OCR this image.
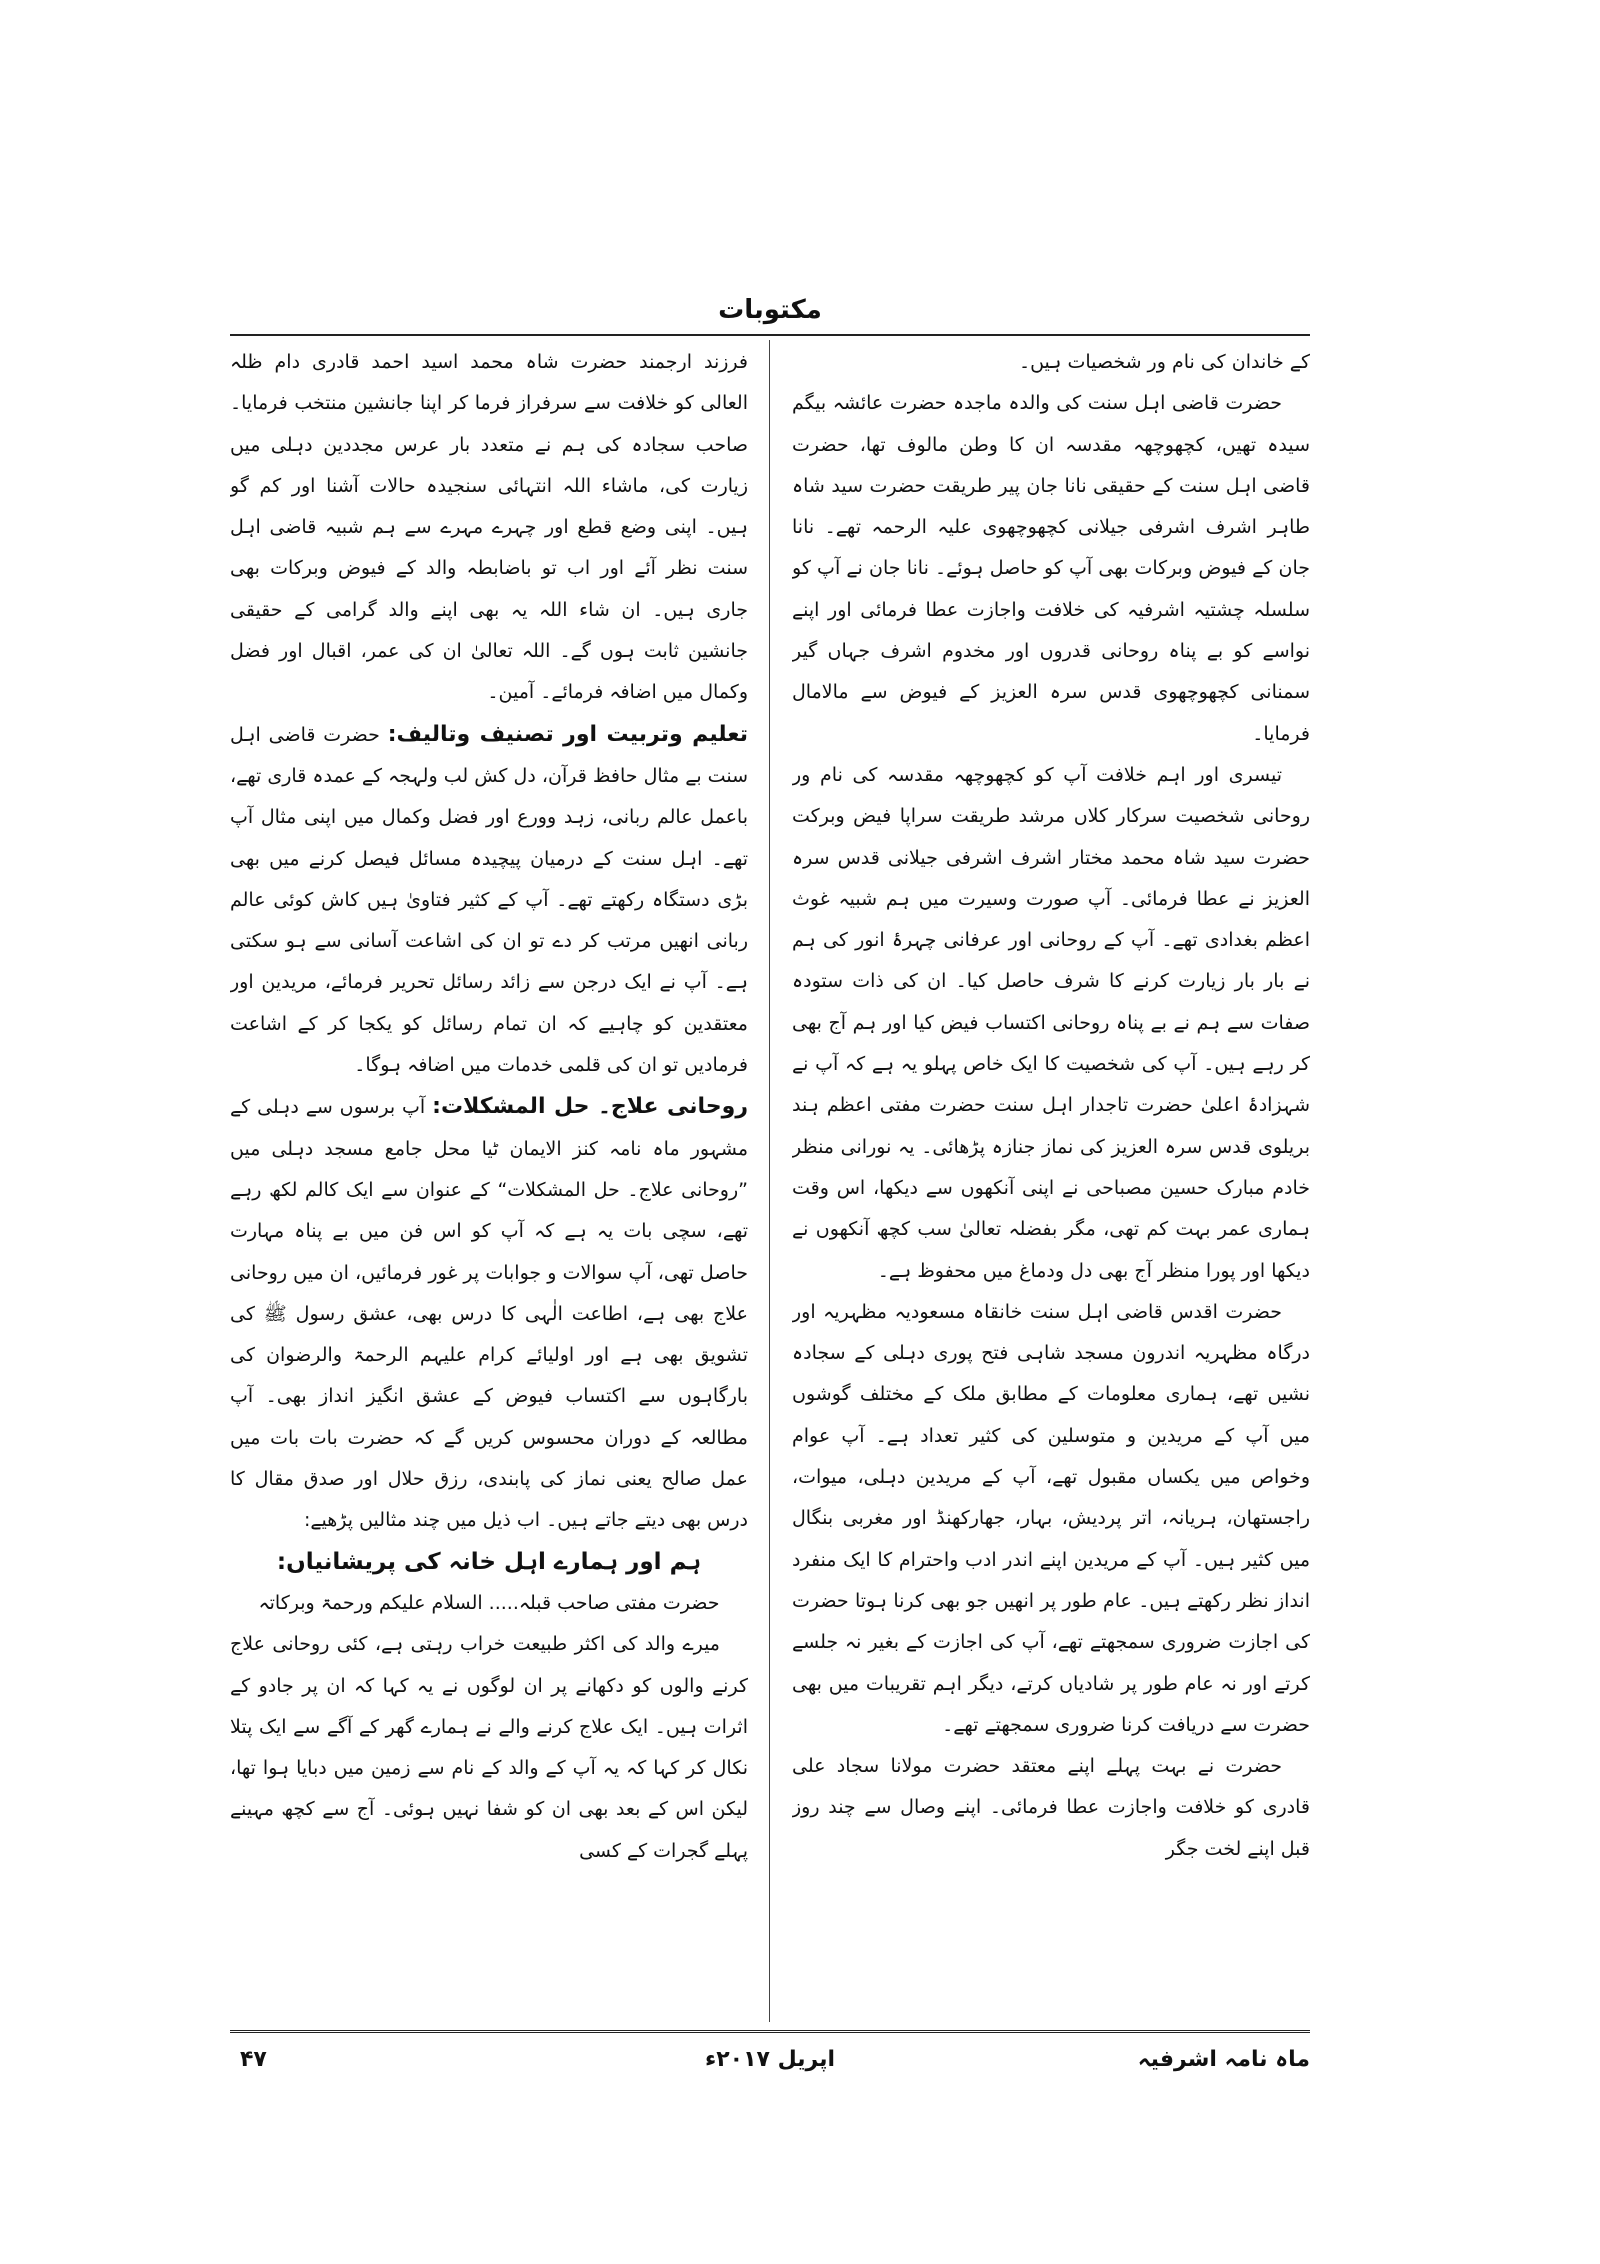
مکتوبات

کے خاندان کی نام ور شخصیات ہیں۔

حضرت قاضی اہل سنت کی والدہ ماجدہ حضرت عائشہ بیگم سیدہ تھیں، کچھوچھہ مقدسہ ان کا وطن مالوف تھا، حضرت قاضی اہل سنت کے حقیقی نانا جان پیر طریقت حضرت سید شاہ طاہر اشرف اشرفی جیلانی کچھوچھوی علیہ الرحمہ تھے۔ نانا جان کے فیوض وبرکات بھی آپ کو حاصل ہوئے۔ نانا جان نے آپ کو سلسلہ چشتیہ اشرفیہ کی خلافت واجازت عطا فرمائی اور اپنے نواسے کو بے پناہ روحانی قدروں اور مخدوم اشرف جہاں گیر سمنانی کچھوچھوی قدس سرہ العزیز کے فیوض سے مالامال فرمایا۔

تیسری اور اہم خلافت آپ کو کچھوچھہ مقدسہ کی نام ور روحانی شخصیت سرکار کلاں مرشد طریقت سراپا فیض وبرکت حضرت سید شاہ محمد مختار اشرف اشرفی جیلانی قدس سرہ العزیز نے عطا فرمائی۔ آپ صورت وسیرت میں ہم شبیہ غوث اعظم بغدادی تھے۔ آپ کے روحانی اور عرفانی چہرۂ انور کی ہم نے بار بار زیارت کرنے کا شرف حاصل کیا۔ ان کی ذات ستودہ صفات سے ہم نے بے پناہ روحانی اکتساب فیض کیا اور ہم آج بھی کر رہے ہیں۔ آپ کی شخصیت کا ایک خاص پہلو یہ ہے کہ آپ نے شہزادۂ اعلیٰ حضرت تاجدار اہل سنت حضرت مفتی اعظم ہند بریلوی قدس سرہ العزیز کی نماز جنازہ پڑھائی۔ یہ نورانی منظر خادم مبارک حسین مصباحی نے اپنی آنکھوں سے دیکھا، اس وقت ہماری عمر بہت کم تھی، مگر بفضلہ تعالیٰ سب کچھ آنکھوں نے دیکھا اور پورا منظر آج بھی دل ودماغ میں محفوظ ہے۔

حضرت اقدس قاضی اہل سنت خانقاہ مسعودیہ مظہریہ اور درگاہ مظہریہ اندرون مسجد شاہی فتح پوری دہلی کے سجادہ نشیں تھے، ہماری معلومات کے مطابق ملک کے مختلف گوشوں میں آپ کے مریدین و متوسلین کی کثیر تعداد ہے۔ آپ عوام وخواص میں یکساں مقبول تھے، آپ کے مریدین دہلی، میوات، راجستھان، ہریانہ، اتر پردیش، بہار، جھارکھنڈ اور مغربی بنگال میں کثیر ہیں۔ آپ کے مریدین اپنے اندر ادب واحترام کا ایک منفرد انداز نظر رکھتے ہیں۔ عام طور پر انھیں جو بھی کرنا ہوتا حضرت کی اجازت ضروری سمجھتے تھے، آپ کی اجازت کے بغیر نہ جلسے کرتے اور نہ عام طور پر شادیاں کرتے، دیگر اہم تقریبات میں بھی حضرت سے دریافت کرنا ضروری سمجھتے تھے۔

حضرت نے بہت پہلے اپنے معتقد حضرت مولانا سجاد علی قادری کو خلافت واجازت عطا فرمائی۔ اپنے وصال سے چند روز قبل اپنے لخت جگر

فرزند ارجمند حضرت شاہ محمد اسید احمد قادری دام ظلہ العالی کو خلافت سے سرفراز فرما کر اپنا جانشین منتخب فرمایا۔ صاحب سجادہ کی ہم نے متعدد بار عرس مجددین دہلی میں زیارت کی، ماشاء اللہ انتہائی سنجیدہ حالات آشنا اور کم گو ہیں۔ اپنی وضع قطع اور چہرے مہرے سے ہم شبیہ قاضی اہل سنت نظر آئے اور اب تو باضابطہ والد کے فیوض وبرکات بھی جاری ہیں۔ ان شاء اللہ یہ بھی اپنے والد گرامی کے حقیقی جانشین ثابت ہوں گے۔ اللہ تعالیٰ ان کی عمر، اقبال اور فضل وکمال میں اضافہ فرمائے۔ آمین۔

تعلیم وتربیت اور تصنیف وتالیف: حضرت قاضی اہل سنت بے مثال حافظ قرآن، دل کش لب ولہجہ کے عمدہ قاری تھے، باعمل عالم ربانی، زہد وورع اور فضل وکمال میں اپنی مثال آپ تھے۔ اہل سنت کے درمیان پیچیدہ مسائل فیصل کرنے میں بھی بڑی دستگاہ رکھتے تھے۔ آپ کے کثیر فتاویٰ ہیں کاش کوئی عالم ربانی انھیں مرتب کر دے تو ان کی اشاعت آسانی سے ہو سکتی ہے۔ آپ نے ایک درجن سے زائد رسائل تحریر فرمائے، مریدین اور معتقدین کو چاہیے کہ ان تمام رسائل کو یکجا کر کے اشاعت فرمادیں تو ان کی قلمی خدمات میں اضافہ ہوگا۔

روحانی علاج۔ حل المشکلات: آپ برسوں سے دہلی کے مشہور ماہ نامہ کنز الایمان ٹیا محل جامع مسجد دہلی میں ”روحانی علاج۔ حل المشکلات“ کے عنوان سے ایک کالم لکھ رہے تھے، سچی بات یہ ہے کہ آپ کو اس فن میں بے پناہ مہارت حاصل تھی، آپ سوالات و جوابات پر غور فرمائیں، ان میں روحانی علاج بھی ہے، اطاعت الٰہی کا درس بھی، عشق رسول ﷺ کی تشویق بھی ہے اور اولیائے کرام علیہم الرحمۃ والرضوان کی بارگاہوں سے اکتساب فیوض کے عشق انگیز انداز بھی۔ آپ مطالعہ کے دوران محسوس کریں گے کہ حضرت بات بات میں عمل صالح یعنی نماز کی پابندی، رزق حلال اور صدق مقال کا درس بھی دیتے جاتے ہیں۔ اب ذیل میں چند مثالیں پڑھیے:

ہم اور ہمارے اہل خانہ کی پریشانیاں:

حضرت مفتی صاحب قبلہ..... السلام علیکم ورحمۃ وبرکاتہ

میرے والد کی اکثر طبیعت خراب رہتی ہے، کئی روحانی علاج کرنے والوں کو دکھانے پر ان لوگوں نے یہ کہا کہ ان پر جادو کے اثرات ہیں۔ ایک علاج کرنے والے نے ہمارے گھر کے آگے سے ایک پتلا نکال کر کہا کہ یہ آپ کے والد کے نام سے زمین میں دبایا ہوا تھا، لیکن اس کے بعد بھی ان کو شفا نہیں ہوئی۔ آج سے کچھ مہینے پہلے گجرات کے کسی

ماہ نامہ اشرفیہ
اپریل ۲۰۱۷ء
۴۷
